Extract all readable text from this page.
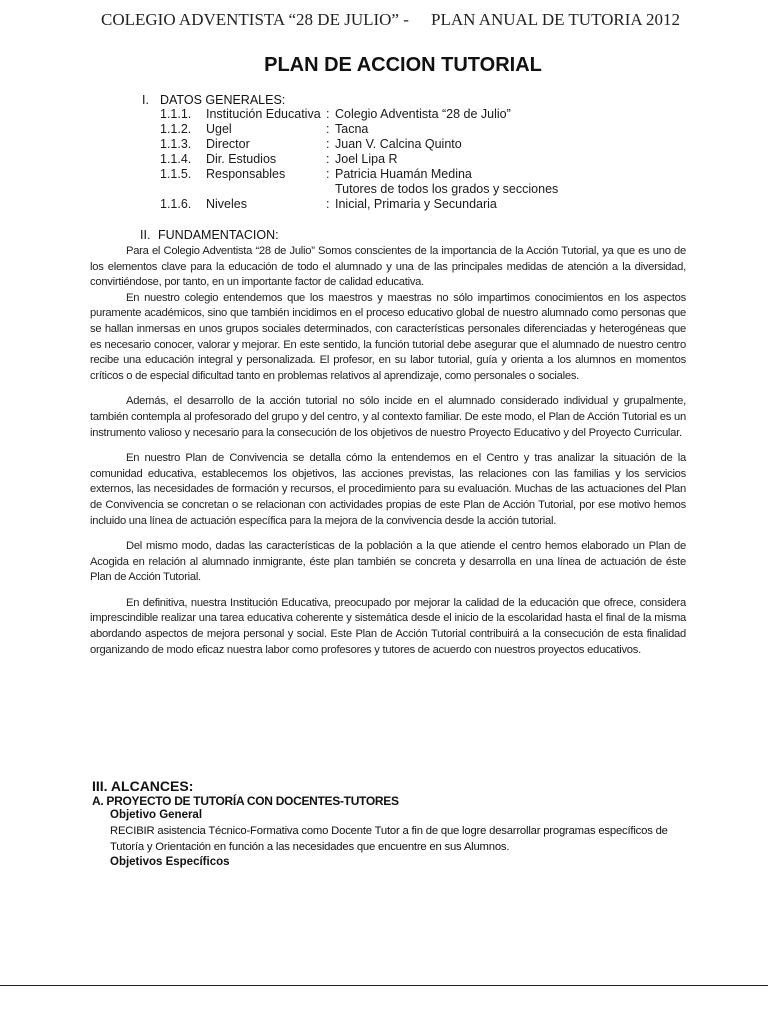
COLEGIO ADVENTISTA “28 DE JULIO” - PLAN ANUAL DE TUTORIA 2012
PLAN DE ACCION TUTORIAL
I. DATOS GENERALES:
1.1.1.	Institución Educativa	:	Colegio Adventista “28 de Julio”
1.1.2.	Ugel	:	Tacna
1.1.3.	Director	:	Juan V. Calcina Quinto
1.1.4.	Dir. Estudios	:	Joel Lipa R
1.1.5.	Responsables	:	Patricia Huamán Medina
Tutores de todos los grados y secciones

1.1.6.	Niveles	:	Inicial, Primaria y Secundaria
II. FUNDAMENTACION:

Para el Colegio Adventista “28 de Julio” Somos conscientes de la importancia de la Acción Tutorial, ya que es uno de los elementos clave para la educación de todo el alumnado y una de las principales medidas de atención a la diversidad, convirtiéndose, por tanto, en un importante factor de calidad educativa.

En nuestro colegio entendemos que los maestros y maestras no sólo impartimos conocimientos en los aspectos puramente académicos, sino que también incidimos en el proceso educativo global de nuestro alumnado como personas que se hallan inmersas en unos grupos sociales determinados, con características personales diferenciadas y heterogéneas que es necesario conocer, valorar y mejorar. En este sentido, la función tutorial debe asegurar que el alumnado de nuestro centro recibe una educación integral y personalizada. El profesor, en su labor tutorial, guía y orienta a los alumnos en momentos críticos o de especial dificultad tanto en problemas relativos al aprendizaje, como personales o sociales.

Además, el desarrollo de la acción tutorial no sólo incide en el alumnado considerado individual y grupalmente, también contempla al profesorado del grupo y del centro, y al contexto familiar. De este modo, el Plan de Acción Tutorial es un instrumento valioso y necesario para la consecución de los objetivos de nuestro Proyecto Educativo y del Proyecto Curricular.

En nuestro Plan de Convivencia se detalla cómo la entendemos en el Centro y tras analizar la situación de la comunidad educativa, establecemos los objetivos, las acciones previstas, las relaciones con las familias y los servicios externos, las necesidades de formación y recursos, el procedimiento para su evaluación. Muchas de las actuaciones del Plan de Convivencia se concretan o se relacionan con actividades propias de este Plan de Acción Tutorial, por ese motivo hemos incluido una línea de actuación específica para la mejora de la convivencia desde la acción tutorial.

Del mismo modo, dadas las características de la población a la que atiende el centro hemos elaborado un Plan de Acogida en relación al alumnado inmigrante, éste plan también se concreta y desarrolla en una línea de actuación de éste Plan de Acción Tutorial.

En definitiva, nuestra Institución Educativa, preocupado por mejorar la calidad de la educación que ofrece, considera imprescindible realizar una tarea educativa coherente y sistemática desde el inicio de la escolaridad hasta el final de la misma abordando aspectos de mejora personal y social. Este Plan de Acción Tutorial contribuirá a la consecución de esta finalidad organizando de modo eficaz nuestra labor como profesores y tutores de acuerdo con nuestros proyectos educativos.

III. ALCANCES:
A. PROYECTO DE TUTORÍA CON DOCENTES-TUTORES
Objetivo General
RECIBIR asistencia Técnico-Formativa como Docente Tutor a fin de que logre desarrollar programas específicos de Tutoría y Orientación en función a las necesidades que encuentre en sus Alumnos.
Objetivos Específicos
